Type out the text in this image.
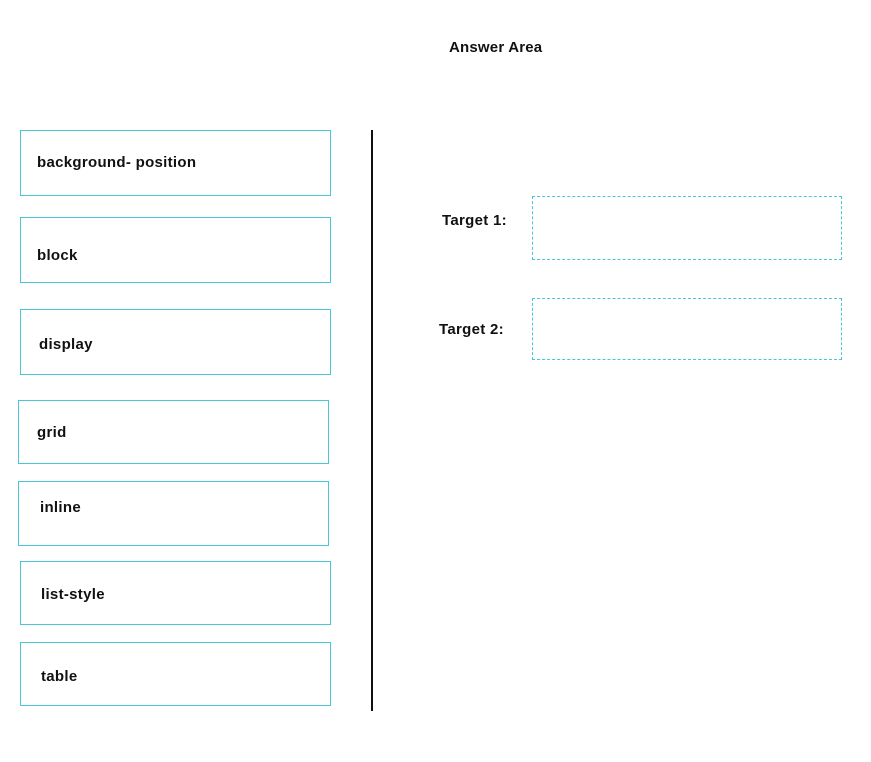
Answer Area
background- position
block
display
grid
inline
list-style
table
Target 1:
Target 2:
